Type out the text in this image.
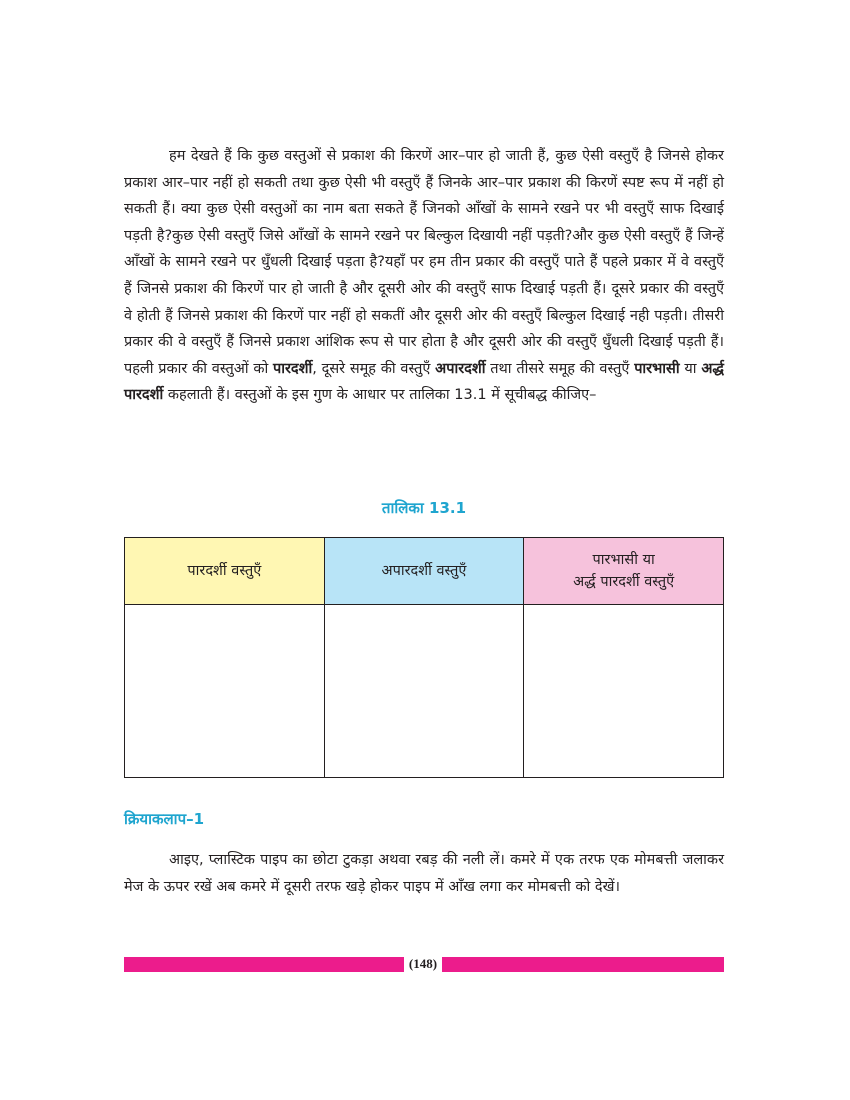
हम देखते हैं कि कुछ वस्तुओं से प्रकाश की किरणें आर–पार हो जाती हैं, कुछ ऐसी वस्तुएँ है जिनसे होकर प्रकाश आर–पार नहीं हो सकती तथा कुछ ऐसी भी वस्तुएँ हैं जिनके आर–पार प्रकाश की किरणें स्पष्ट रूप में नहीं हो सकती हैं। क्या कुछ ऐसी वस्तुओं का नाम बता सकते हैं जिनको आँखों के सामने रखने पर भी वस्तुएँ साफ दिखाई पड़ती है?कुछ ऐसी वस्तुएँ जिसे आँखों के सामने रखने पर बिल्कुल दिखायी नहीं पड़ती?और कुछ ऐसी वस्तुएँ हैं जिन्हें आँखों के सामने रखने पर धुँधली दिखाई पड़ता है?यहाँ पर हम तीन प्रकार की वस्तुएँ पाते हैं पहले प्रकार में वे वस्तुएँ हैं जिनसे प्रकाश की किरणें पार हो जाती है और दूसरी ओर की वस्तुएँ साफ दिखाई पड़ती हैं। दूसरे प्रकार की वस्तुएँ वे होती हैं जिनसे प्रकाश की किरणें पार नहीं हो सकतीं और दूसरी ओर की वस्तुएँ बिल्कुल दिखाई नही पड़ती। तीसरी प्रकार की वे वस्तुएँ हैं जिनसे प्रकाश आंशिक रूप से पार होता है और दूसरी ओर की वस्तुएँ धुँधली दिखाई पड़ती हैं। पहली प्रकार की वस्तुओं को पारदर्शी, दूसरे समूह की वस्तुएँ अपारदर्शी तथा तीसरे समूह की वस्तुएँ पारभासी या अर्द्ध पारदर्शी कहलाती हैं। वस्तुओं के इस गुण के आधार पर तालिका 13.1 में सूचीबद्ध कीजिए–

तालिका 13.1
पारदर्शी वस्तुएँ	अपारदर्शी वस्तुएँ	पारभासी या
अर्द्ध पारदर्शी वस्तुएँ

क्रियाकलाप–1

आइए, प्लास्टिक पाइप का छोटा टुकड़ा अथवा रबड़ की नली लें। कमरे में एक तरफ एक मोमबत्ती जलाकर मेज के ऊपर रखें अब कमरे में दूसरी तरफ खड़े होकर पाइप में आँख लगा कर मोमबत्ती को देखें।

(148)
